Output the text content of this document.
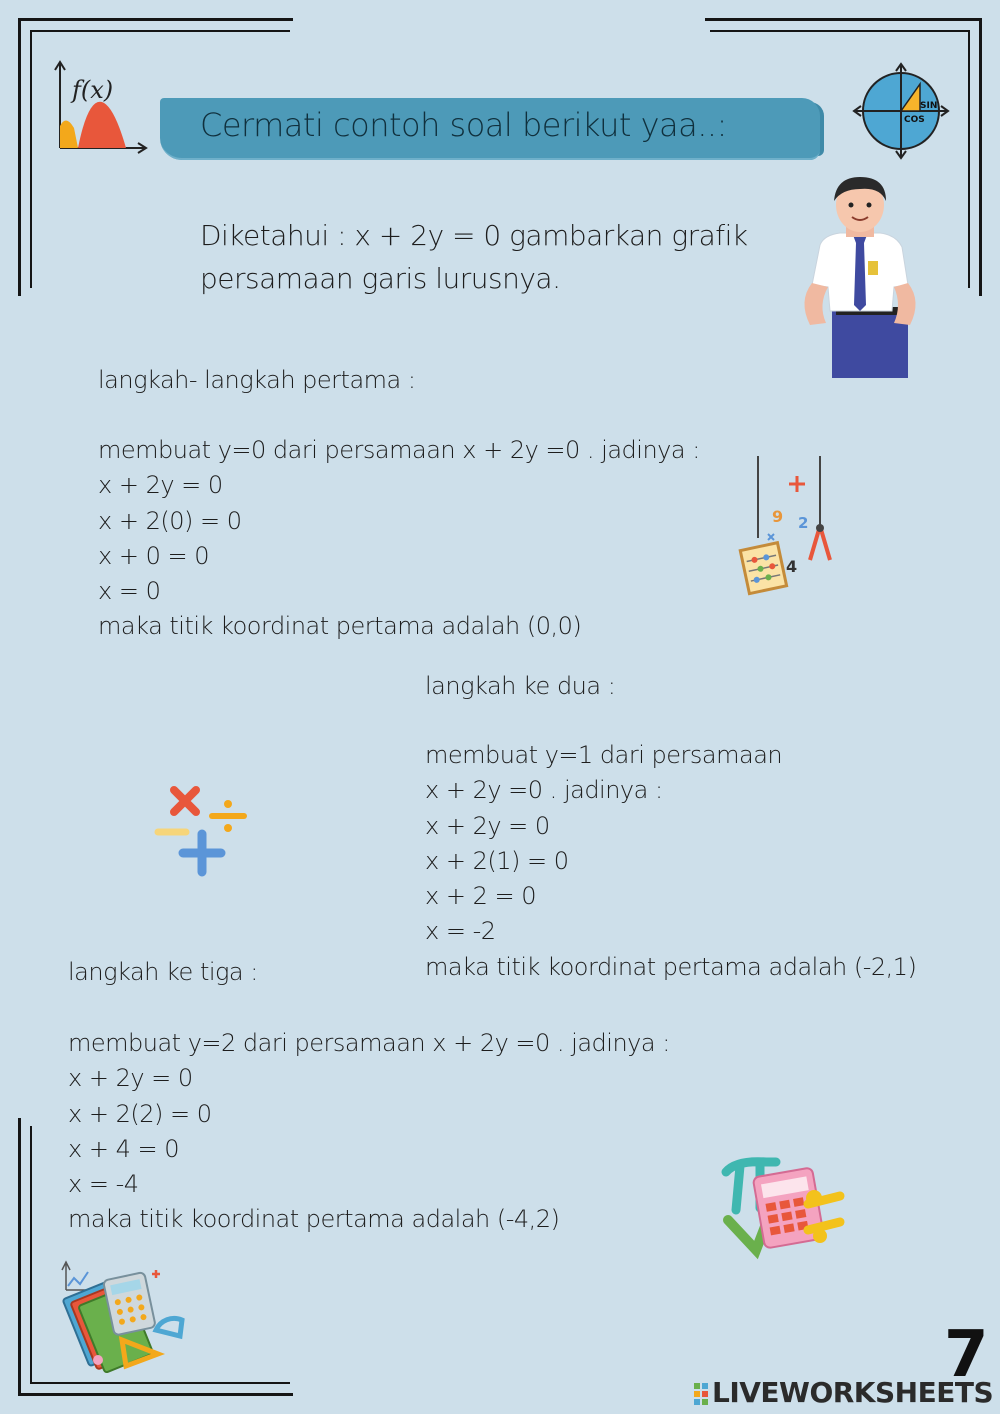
f(x)

Cermati contoh soal berikut yaa..:	SIN
COS
Diketahui : x + 2y = 0 gambarkan grafik
persamaan garis lurusnya.
langkah- langkah pertama :
membuat y=0 dari persamaan x + 2y =0 . jadinya :
x + 2y = 0
x + 2(0) = 0
x + 0 = 0
x = 0
maka titik koordinat pertama adalah (0,0)
9 2
4
langkah ke dua :
membuat y=1 dari persamaan
x + 2y =0 . jadinya :
x + 2y = 0
x + 2(1) = 0
x + 2 = 0
x = -2
maka titik koordinat pertama adalah (-2,1)
langkah ke tiga :
membuat y=2 dari persamaan x + 2y =0 . jadinya :
x + 2y = 0
x + 2(2) = 0
x + 4 = 0
x = -4
maka titik koordinat pertama adalah (-4,2)
7
LIVEWORKSHEETS
